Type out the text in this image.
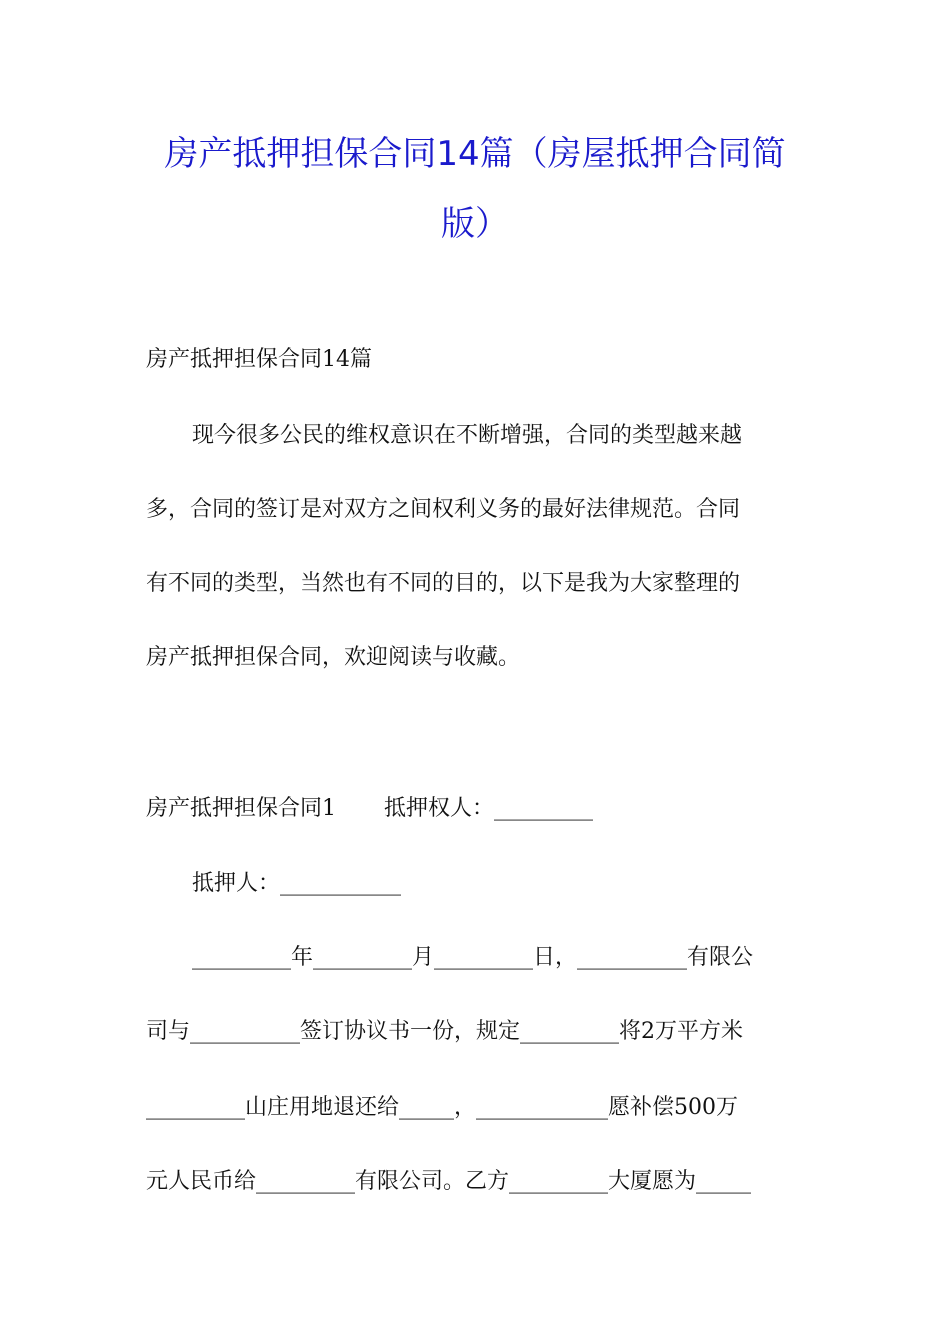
房产抵押担保合同14篇（房屋抵押合同简
版）
房产抵押担保合同14篇
现今很多公民的维权意识在不断增强，合同的类型越来越
多，合同的签订是对双方之间权利义务的最好法律规范。合同
有不同的类型，当然也有不同的目的，以下是我为大家整理的
房产抵押担保合同，欢迎阅读与收藏。
房产抵押担保合同1 抵押权人：_________
抵押人：___________
_________年_________月_________日，__________有限公
司与__________签订协议书一份，规定_________将2万平方米
_________山庄用地退还给_____，____________愿补偿500万
元人民币给_________有限公司。乙方_________大厦愿为_____
